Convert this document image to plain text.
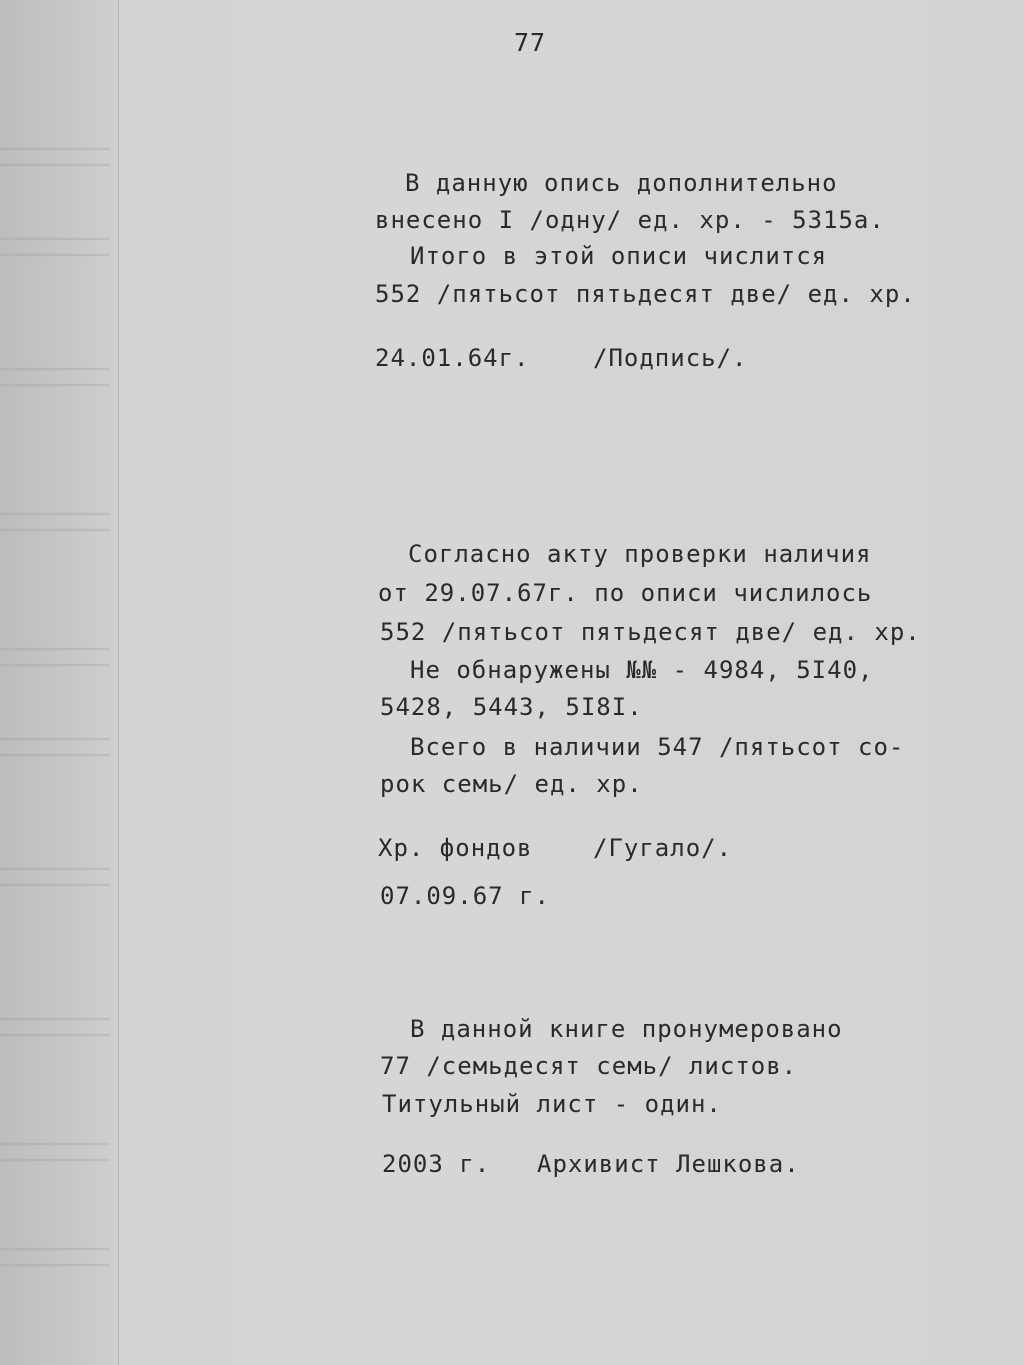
77
В данную опись дополнительно
внесено I /одну/ ед. хр. - 5315а.
Итого в этой описи числится
552 /пятьсот пятьдесят две/ ед. хр.
24.01.64г.	/Подпись/.
Согласно акту проверки наличия
от 29.07.67г. по описи числилось
552 /пятьсот пятьдесят две/ ед. хр.
Не обнаружены №№ - 4984, 5I40,
5428, 5443, 5I8I.
Всего в наличии 547 /пятьсот со-
рок семь/ ед. хр.
Хр. фондов	/Гугало/.
07.09.67 г.
В данной книге пронумеровано
77 /семьдесят семь/ листов.
Титульный лист - один.
2003 г. Архивист Лешкова.
